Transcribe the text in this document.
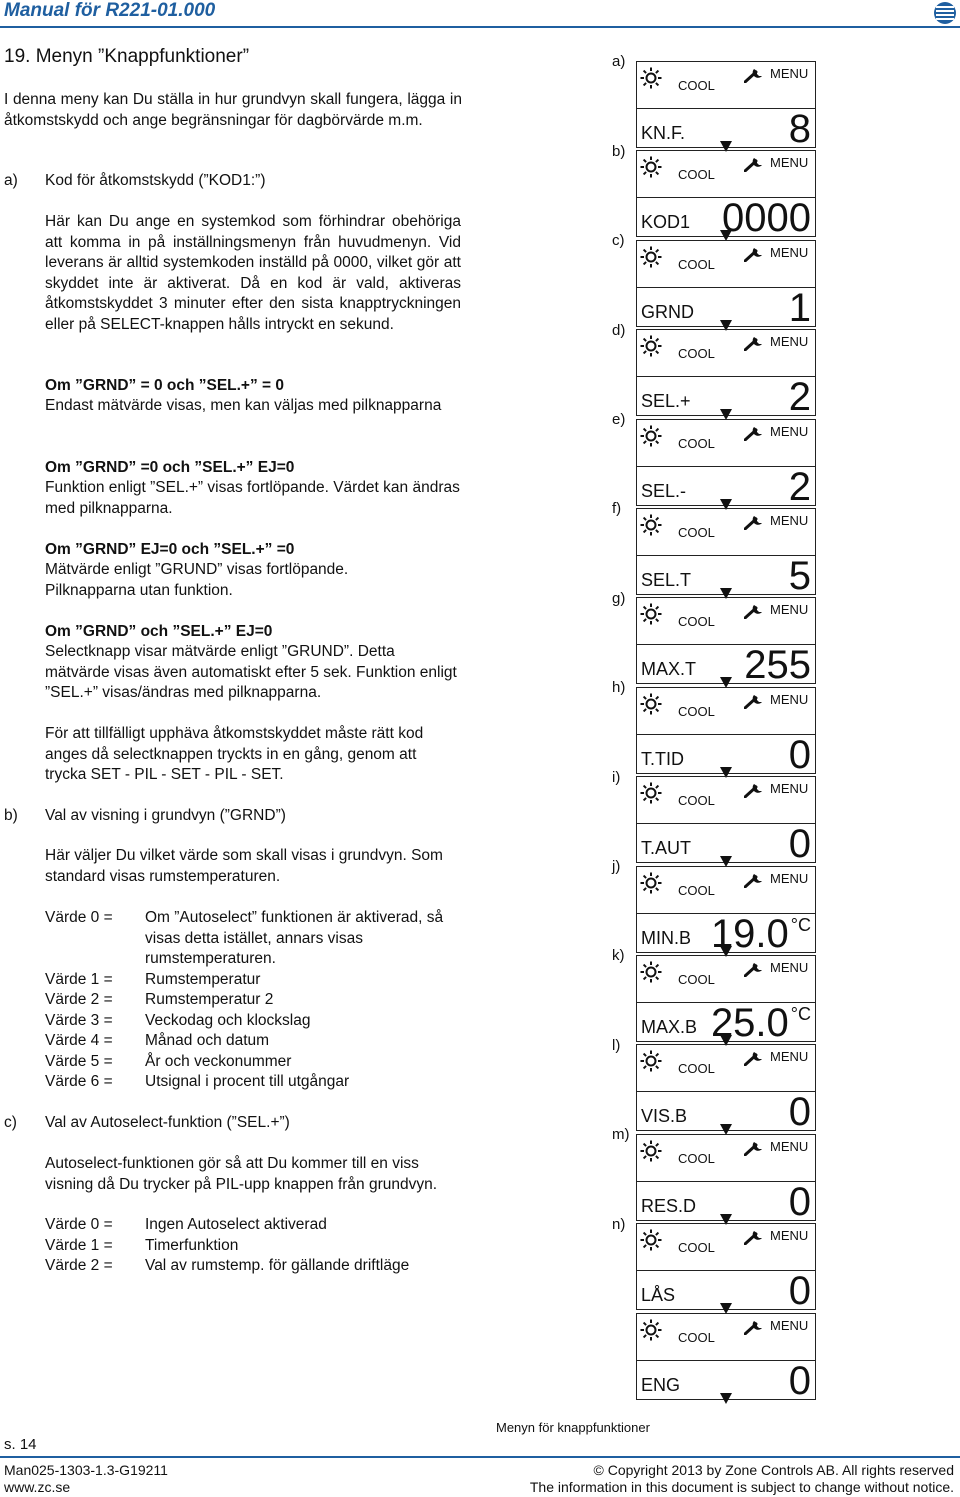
Manual för R221-01.000
19. Menyn ”Knappfunktioner”
I denna meny kan Du ställa in hur grundvyn skall fungera, lägga in åtkomstskydd och ange begränsningar för dagbörvärde m.m.
a)	Kod för åtkomstskydd (”KOD1:”)
Här kan Du ange en systemkod som förhindrar obehöriga att komma in på inställningsmenyn från huvudmenyn. Vid leverans är alltid systemkoden inställd på 0000, vilket gör att skyddet inte är aktiverat. Då en kod är vald, aktiveras åtkomstskyddet 3 minuter efter den sista knapptryckningen eller på SELECT-knappen hålls intryckt en sekund.
Om ”GRND” = 0 och ”SEL.+” = 0
Endast mätvärde visas, men kan väljas med pilknapparna
Om ”GRND” =0 och ”SEL.+” EJ=0
Funktion enligt ”SEL.+” visas fortlöpande. Värdet kan ändras med pilknapparna.
Om ”GRND” EJ=0 och ”SEL.+” =0
Mätvärde enligt ”GRUND” visas fortlöpande. Pilknapparna utan funktion.
Om ”GRND” och ”SEL.+” EJ=0
Selectknapp visar mätvärde enligt ”GRUND”. Detta mätvärde visas även automatiskt efter 5 sek. Funktion enligt ”SEL.+” visas/ändras med pilknapparna.
För att tillfälligt upphäva åtkomstskyddet måste rätt kod anges då selectknappen tryckts in en gång, genom att trycka SET - PIL - SET - PIL - SET.
b)	Val av visning i grundvyn (”GRND”)
Här väljer Du vilket värde som skall visas i grundvyn. Som standard visas rumstemperaturen.
Värde 0 =	Om ”Autoselect” funktionen är aktiverad, så visas detta istället, annars visas rumstemperaturen.
Värde 1 =	Rumstemperatur
Värde 2 =	Rumstemperatur 2
Värde 3 =	Veckodag och klockslag
Värde 4 =	Månad och datum
Värde 5 =	År och veckonummer
Värde 6 =	Utsignal i procent till utgångar
c)	Val av Autoselect-funktion (”SEL.+”)
Autoselect-funktionen gör så att Du kommer till en viss visning då Du trycker på PIL-upp knappen från grundvyn.
Värde 0 =	Ingen Autoselect aktiverad
Värde 1 =	Timerfunktion
Värde 2 =	Val av rumstemp. för gällande driftläge
COOL
MENU
KN.F.	8
COOL
MENU
KOD1 0000
a)
COOL
MENU
GRND 1
b)
COOL
MENU
SEL.+ 2
c)
COOL
MENU
SEL.-	2
d)
COOL
MENU
SEL.T 5
e)
COOL
MENU
MAX.T 255
f)
COOL
MENU
T.TID	0
g)
COOL
MENU
T.AUT 0
h)
COOL
MENU
MIN.B 19.0 $^{^\circ C}$
i)
COOL
MENU
MAX.B 25.0 $^{^\circ C}$
j)
COOL
MENU
VIS.B	0
k)
COOL
MENU
RES.D 0
l)
COOL
MENU
LÅS	0
m)
COOL
MENU
ENG	0
n)
Menyn för knappfunktioner
s. 14
Man025-1303-1.3-G19211
www.zc.se
© Copyright 2013 by Zone Controls AB. All rights reserved
The information in this document is subject to change without notice.
